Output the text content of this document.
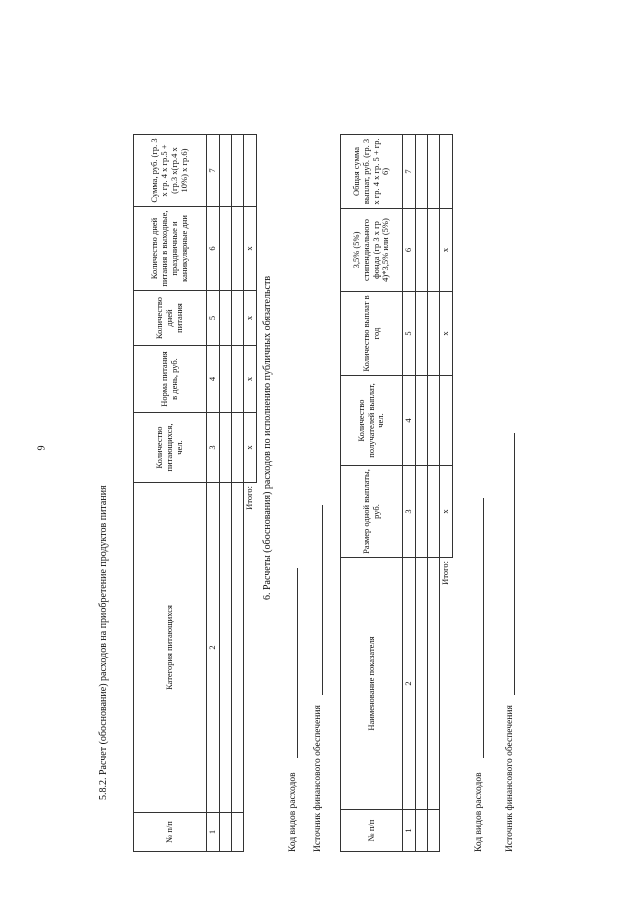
9
5.8.2. Расчет (обоснование) расходов на приобретение продуктов питания
№ п/п	Категория питающихся	Количество питающихся, чел.	Норма питания в день, руб.	Количество дней питания	Количество дней питания в выходные, праздничные и каникулярные дни	Сумма, руб. (гр. 3 x гр. 4 x гр.5 + (гр.3 x(гр.4 x 10%) x гр.6)
1	2	3	4	5	6	7

Итого:		x	x	x	x	
Код видов расходов Источник финансового обеспечения
6. Расчеты (обоснования) расходов по исполнению публичных обязательств
№ п/п	Наименование показателя	Размер одной выплаты, руб.	Количество получателей выплат, чел.	Количество выплат в год	3,5% (5%) стипендиального фонда (гр 3 x гр 4)*3,5% или (5%)	Общая сумма выплат, руб. (гр. 3 x гр. 4 x гр. 5 + гр. 6)
1	2	3	4	5	6	7

Итого:		x		x	x	
Код видов расходов Источник финансового обеспечения
